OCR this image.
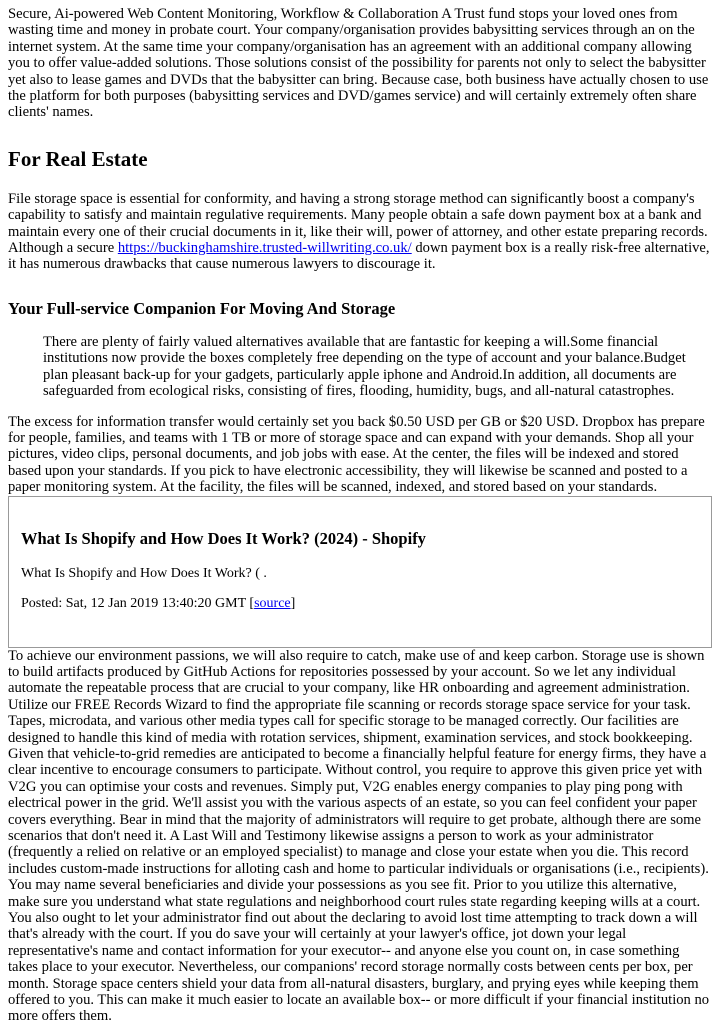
Secure, Ai-powered Web Content Monitoring, Workflow & Collaboration A Trust fund stops your loved ones from wasting time and money in probate court. Your company/organisation provides babysitting services through an on the internet system. At the same time your company/organisation has an agreement with an additional company allowing you to offer value-added solutions. Those solutions consist of the possibility for parents not only to select the babysitter yet also to lease games and DVDs that the babysitter can bring. Because case, both business have actually chosen to use the platform for both purposes (babysitting services and DVD/games service) and will certainly extremely often share clients' names.

For Real Estate

File storage space is essential for conformity, and having a strong storage method can significantly boost a company's capability to satisfy and maintain regulative requirements. Many people obtain a safe down payment box at a bank and maintain every one of their crucial documents in it, like their will, power of attorney, and other estate preparing records. Although a secure https://buckinghamshire.trusted-willwriting.co.uk/ down payment box is a really risk-free alternative, it has numerous drawbacks that cause numerous lawyers to discourage it.

Your Full-service Companion For Moving And Storage
There are plenty of fairly valued alternatives available that are fantastic for keeping a will.Some financial institutions now provide the boxes completely free depending on the type of account and your balance.Budget plan pleasant back-up for your gadgets, particularly apple iphone and Android.In addition, all documents are safeguarded from ecological risks, consisting of fires, flooding, humidity, bugs, and all-natural catastrophes.

The excess for information transfer would certainly set you back $0.50 USD per GB or $20 USD. Dropbox has prepare for people, families, and teams with 1 TB or more of storage space and can expand with your demands. Shop all your pictures, video clips, personal documents, and job jobs with ease. At the center, the files will be indexed and stored based upon your standards. If you pick to have electronic accessibility, they will likewise be scanned and posted to a paper monitoring system. At the facility, the files will be scanned, indexed, and stored based on your standards.

What Is Shopify and How Does It Work? (2024) - Shopify

What Is Shopify and How Does It Work? ( .

Posted: Sat, 12 Jan 2019 13:40:20 GMT [source]

To achieve our environment passions, we will also require to catch, make use of and keep carbon. Storage use is shown to build artifacts produced by GitHub Actions for repositories possessed by your account. So we let any individual automate the repeatable process that are crucial to your company, like HR onboarding and agreement administration. Utilize our FREE Records Wizard to find the appropriate file scanning or records storage space service for your task. Tapes, microdata, and various other media types call for specific storage to be managed correctly. Our facilities are designed to handle this kind of media with rotation services, shipment, examination services, and stock bookkeeping. Given that vehicle-to-grid remedies are anticipated to become a financially helpful feature for energy firms, they have a clear incentive to encourage consumers to participate. Without control, you require to approve this given price yet with V2G you can optimise your costs and revenues. Simply put, V2G enables energy companies to play ping pong with electrical power in the grid. We'll assist you with the various aspects of an estate, so you can feel confident your paper covers everything. Bear in mind that the majority of administrators will require to get probate, although there are some scenarios that don't need it. A Last Will and Testimony likewise assigns a person to work as your administrator (frequently a relied on relative or an employed specialist) to manage and close your estate when you die. This record includes custom-made instructions for alloting cash and home to particular individuals or organisations (i.e., recipients). You may name several beneficiaries and divide your possessions as you see fit. Prior to you utilize this alternative, make sure you understand what state regulations and neighborhood court rules state regarding keeping wills at a court. You also ought to let your administrator find out about the declaring to avoid lost time attempting to track down a will that's already with the court. If you do save your will certainly at your lawyer's office, jot down your legal representative's name and contact information for your executor-- and anyone else you count on, in case something takes place to your executor. Nevertheless, our companions' record storage normally costs between cents per box, per month. Storage space centers shield your data from all-natural disasters, burglary, and prying eyes while keeping them offered to you. This can make it much easier to locate an available box-- or more difficult if your financial institution no more offers them.
